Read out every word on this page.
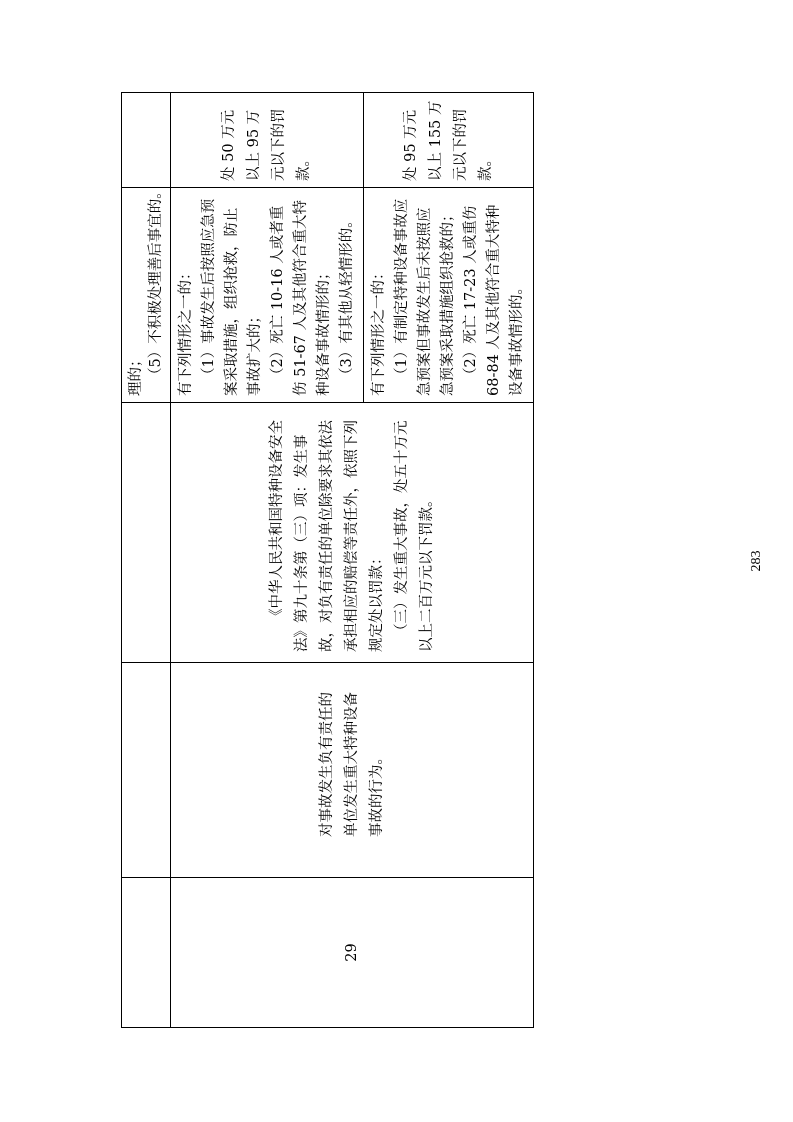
			理的； （5）不积极处理善后事宜的。	

29	对事故发生负有责任的单位发生重大特种设备事故的行为。	《中华人民共和国特种设备安全法》第九十条第（三）项：发生事故，对负有责任的单位除要求其依法承担相应的赔偿等责任外，依照下列规定处以罚款： （三）发生重大事故，处五十万元以上二百万元以下罚款。	有下列情形之一的： （1）事故发生后按照应急预案采取措施，组织抢救，防止事故扩大的； （2）死亡 10-16 人或者重伤 51-67 人及其他符合重大特种设备事故情形的； （3）有其他从轻情形的。	处 50 万元以上 95 万元以下的罚款。

			有下列情形之一的： （1）有制定特种设备事故应急预案但事故发生后未按照应急预案采取措施组织抢救的； （2）死亡 17-23 人或重伤 68-84 人及其他符合重大特种设备事故情形的。	处 95 万元以上 155 万元以下的罚款。
283
